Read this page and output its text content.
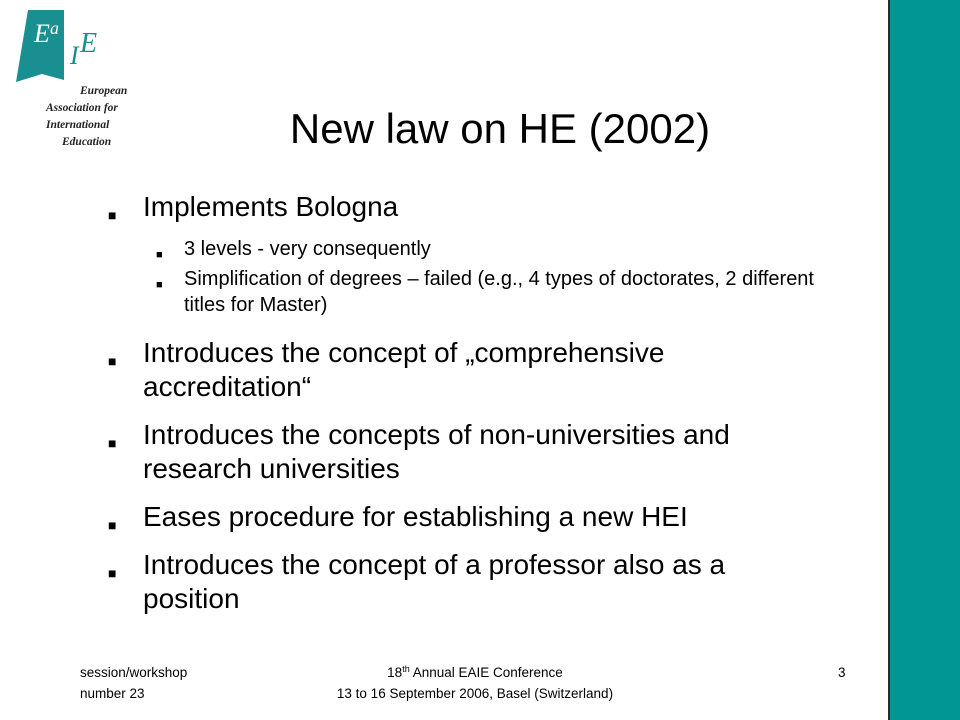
E a
I E
European
Association for
International
Education	New law on HE (2002)
■ Implements Bologna
■ 3 levels - very consequently
■ Simplification of degrees – failed (e.g., 4 types of doctorates, 2 different titles for Master)
■ Introduces the concept of „comprehensive accreditation“
■ Introduces the concepts of non-universities and research universities
■ Eases procedure for establishing a new HEI
■ Introduces the concept of a professor also as a position
session/workshop
number 23
18th Annual EAIE Conference
13 to 16 September 2006, Basel (Switzerland)
3
